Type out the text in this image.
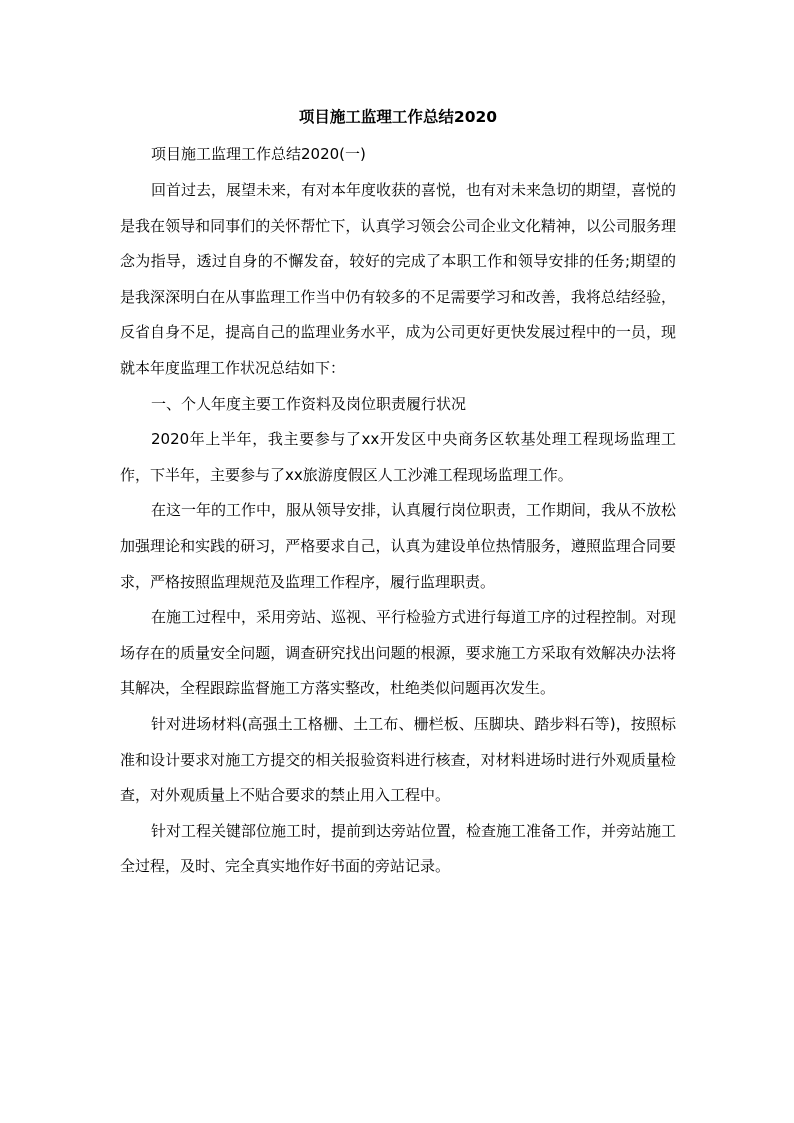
项目施工监理工作总结2020

项目施工监理工作总结2020(一)

回首过去，展望未来，有对本年度收获的喜悦，也有对未来急切的期望，喜悦的是我在领导和同事们的关怀帮忙下，认真学习领会公司企业文化精神，以公司服务理念为指导，透过自身的不懈发奋，较好的完成了本职工作和领导安排的任务;期望的是我深深明白在从事监理工作当中仍有较多的不足需要学习和改善，我将总结经验，反省自身不足，提高自己的监理业务水平，成为公司更好更快发展过程中的一员，现就本年度监理工作状况总结如下：

一、个人年度主要工作资料及岗位职责履行状况

2020年上半年，我主要参与了xx开发区中央商务区软基处理工程现场监理工作，下半年，主要参与了xx旅游度假区人工沙滩工程现场监理工作。

在这一年的工作中，服从领导安排，认真履行岗位职责，工作期间，我从不放松加强理论和实践的研习，严格要求自己，认真为建设单位热情服务，遵照监理合同要求，严格按照监理规范及监理工作程序，履行监理职责。

在施工过程中，采用旁站、巡视、平行检验方式进行每道工序的过程控制。对现场存在的质量安全问题，调查研究找出问题的根源，要求施工方采取有效解决办法将其解决，全程跟踪监督施工方落实整改，杜绝类似问题再次发生。

针对进场材料(高强土工格栅、土工布、栅栏板、压脚块、踏步料石等)，按照标准和设计要求对施工方提交的相关报验资料进行核查，对材料进场时进行外观质量检查，对外观质量上不贴合要求的禁止用入工程中。

针对工程关键部位施工时，提前到达旁站位置，检查施工准备工作，并旁站施工全过程，及时、完全真实地作好书面的旁站记录。
